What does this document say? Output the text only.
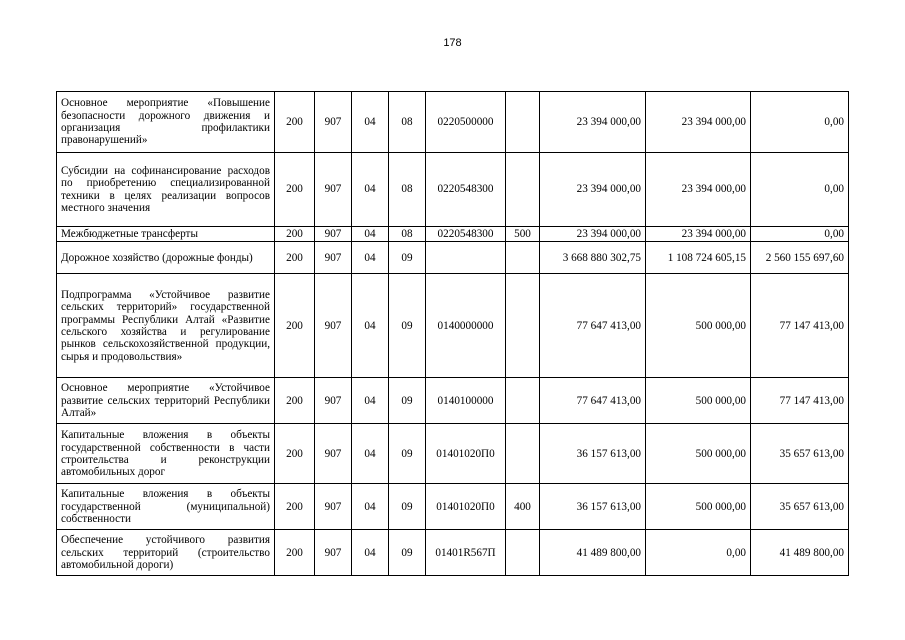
178
Основное мероприятие «Повышение безопасности дорожного движения и организация профилактики правонарушений»	200	907	04	08	0220500000		23 394 000,00	23 394 000,00	0,00
Субсидии на софинансирование расходов по приобретению специализированной техники в целях реализации вопросов местного значения	200	907	04	08	0220548300		23 394 000,00	23 394 000,00	0,00
Межбюджетные трансферты	200	907	04	08	0220548300	500	23 394 000,00	23 394 000,00	0,00
Дорожное хозяйство (дорожные фонды)	200	907	04	09			3 668 880 302,75	1 108 724 605,15	2 560 155 697,60
Подпрограмма «Устойчивое развитие сельских территорий» государственной программы Республики Алтай «Развитие сельского хозяйства и регулирование рынков сельскохозяйственной продукции, сырья и продовольствия»	200	907	04	09	0140000000		77 647 413,00	500 000,00	77 147 413,00
Основное мероприятие «Устойчивое развитие сельских территорий Республики Алтай»	200	907	04	09	0140100000		77 647 413,00	500 000,00	77 147 413,00
Капитальные вложения в объекты государственной собственности в части строительства и реконструкции автомобильных дорог	200	907	04	09	01401020П0		36 157 613,00	500 000,00	35 657 613,00
Капитальные вложения в объекты государственной (муниципальной) собственности	200	907	04	09	01401020П0	400	36 157 613,00	500 000,00	35 657 613,00
Обеспечение устойчивого развития сельских территорий (строительство автомобильной дороги)	200	907	04	09	01401R567П		41 489 800,00	0,00	41 489 800,00
